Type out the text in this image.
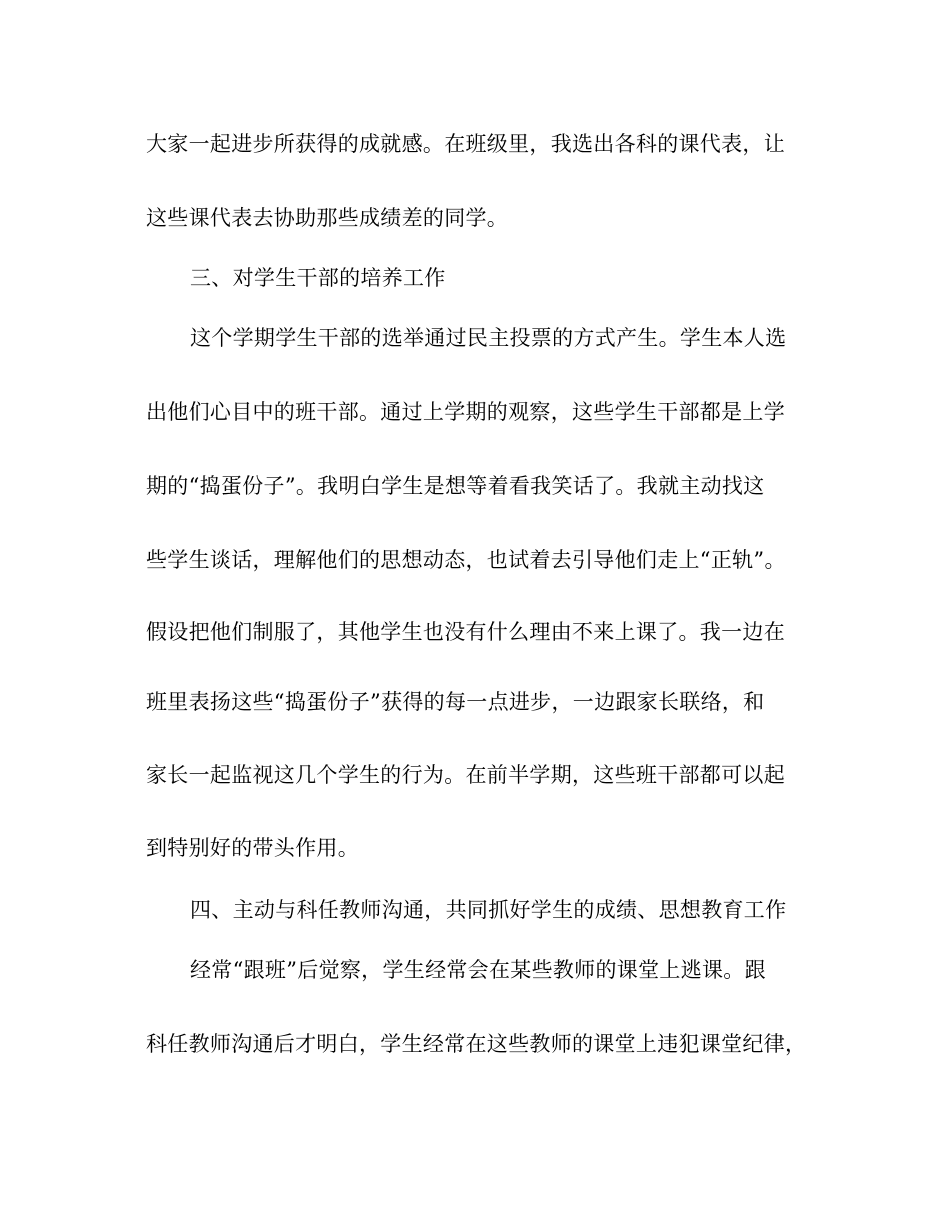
大家一起进步所获得的成就感。在班级里，我选出各科的课代表，让
这些课代表去协助那些成绩差的同学。
三、对学生干部的培养工作
这个学期学生干部的选举通过民主投票的方式产生。学生本人选
出他们心目中的班干部。通过上学期的观察，这些学生干部都是上学
期的“捣蛋份子”。我明白学生是想等着看我笑话了。我就主动找这
些学生谈话，理解他们的思想动态，也试着去引导他们走上“正轨”。
假设把他们制服了，其他学生也没有什么理由不来上课了。我一边在
班里表扬这些“捣蛋份子”获得的每一点进步，一边跟家长联络，和
家长一起监视这几个学生的行为。在前半学期，这些班干部都可以起
到特别好的带头作用。
四、主动与科任教师沟通，共同抓好学生的成绩、思想教育工作
经常“跟班”后觉察，学生经常会在某些教师的课堂上逃课。跟
科任教师沟通后才明白，学生经常在这些教师的课堂上违犯课堂纪律，
